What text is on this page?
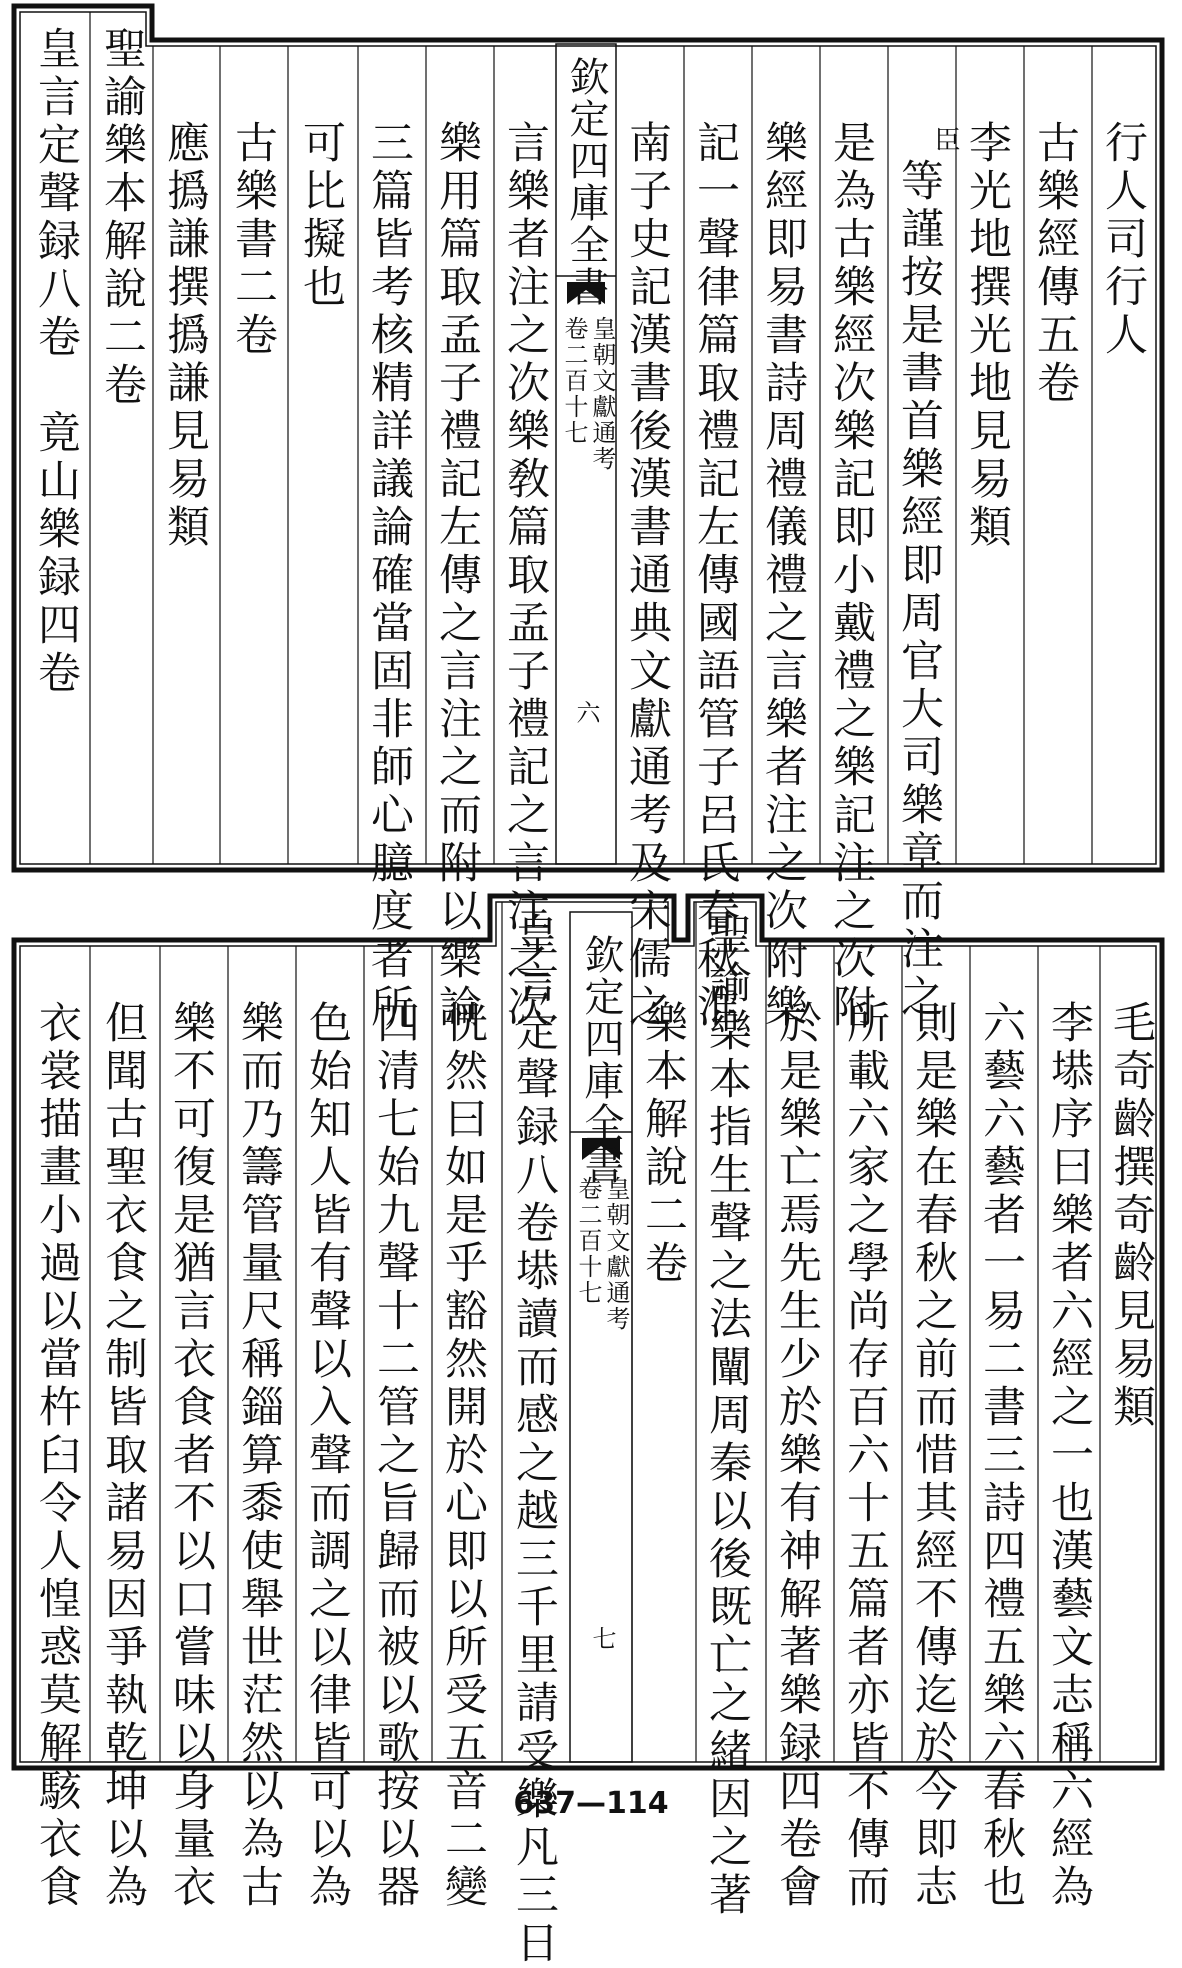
欽定四庫全書
皇朝文獻通考
卷二百十七
六
行人司行人
古樂經傳五卷
李光地撰光地見易類
臣
等謹按是書首樂經即周官大司樂章而注之
是為古樂經次樂記即小戴禮之樂記注之次附
樂經即易書詩周禮儀禮之言樂者注之次附樂
記一聲律篇取禮記左傳國語管子呂氏春秋淮
南子史記漢書後漢書通典文獻通考及宋儒之
言樂者注之次樂敎篇取孟子禮記之言注之次
樂用篇取孟子禮記左傳之言注之而附以樂論
三篇皆考核精詳議論確當固非師心臆度者所
可比擬也
古樂書二卷
應撝謙撰撝謙見易類
聖諭樂本解說二卷
皇言定聲録八卷　竟山樂録四卷
欽定四庫全書
皇朝文獻通考
卷二百十七
七
毛奇齡撰奇齡見易類
李塨序曰樂者六經之一也漢藝文志稱六經為
六藝六藝者一易二書三詩四禮五樂六春秋也
則是樂在春秋之前而惜其經不傳迄於今即志
所載六家之學尚存百六十五篇者亦皆不傳而
於是樂亡焉先生少於樂有神解著樂録四卷會
聖諭樂本指生聲之法闡周秦以後既亡之緒因之著
樂本解說二卷
皇言定聲録八卷塨讀而感之越三千里請受樂凡三日
恍然曰如是乎豁然開於心即以所受五音二變
四清七始九聲十二管之旨歸而被以歌按以器
色始知人皆有聲以入聲而調之以律皆可以為
樂而乃籌管量尺稱錙算黍使舉世茫然以為古
樂不可復是猶言衣食者不以口嘗味以身量衣
但聞古聖衣食之制皆取諸易因爭執乾坤以為
衣裳描畫小過以當杵臼令人惶惑莫解駭衣食	637—114
